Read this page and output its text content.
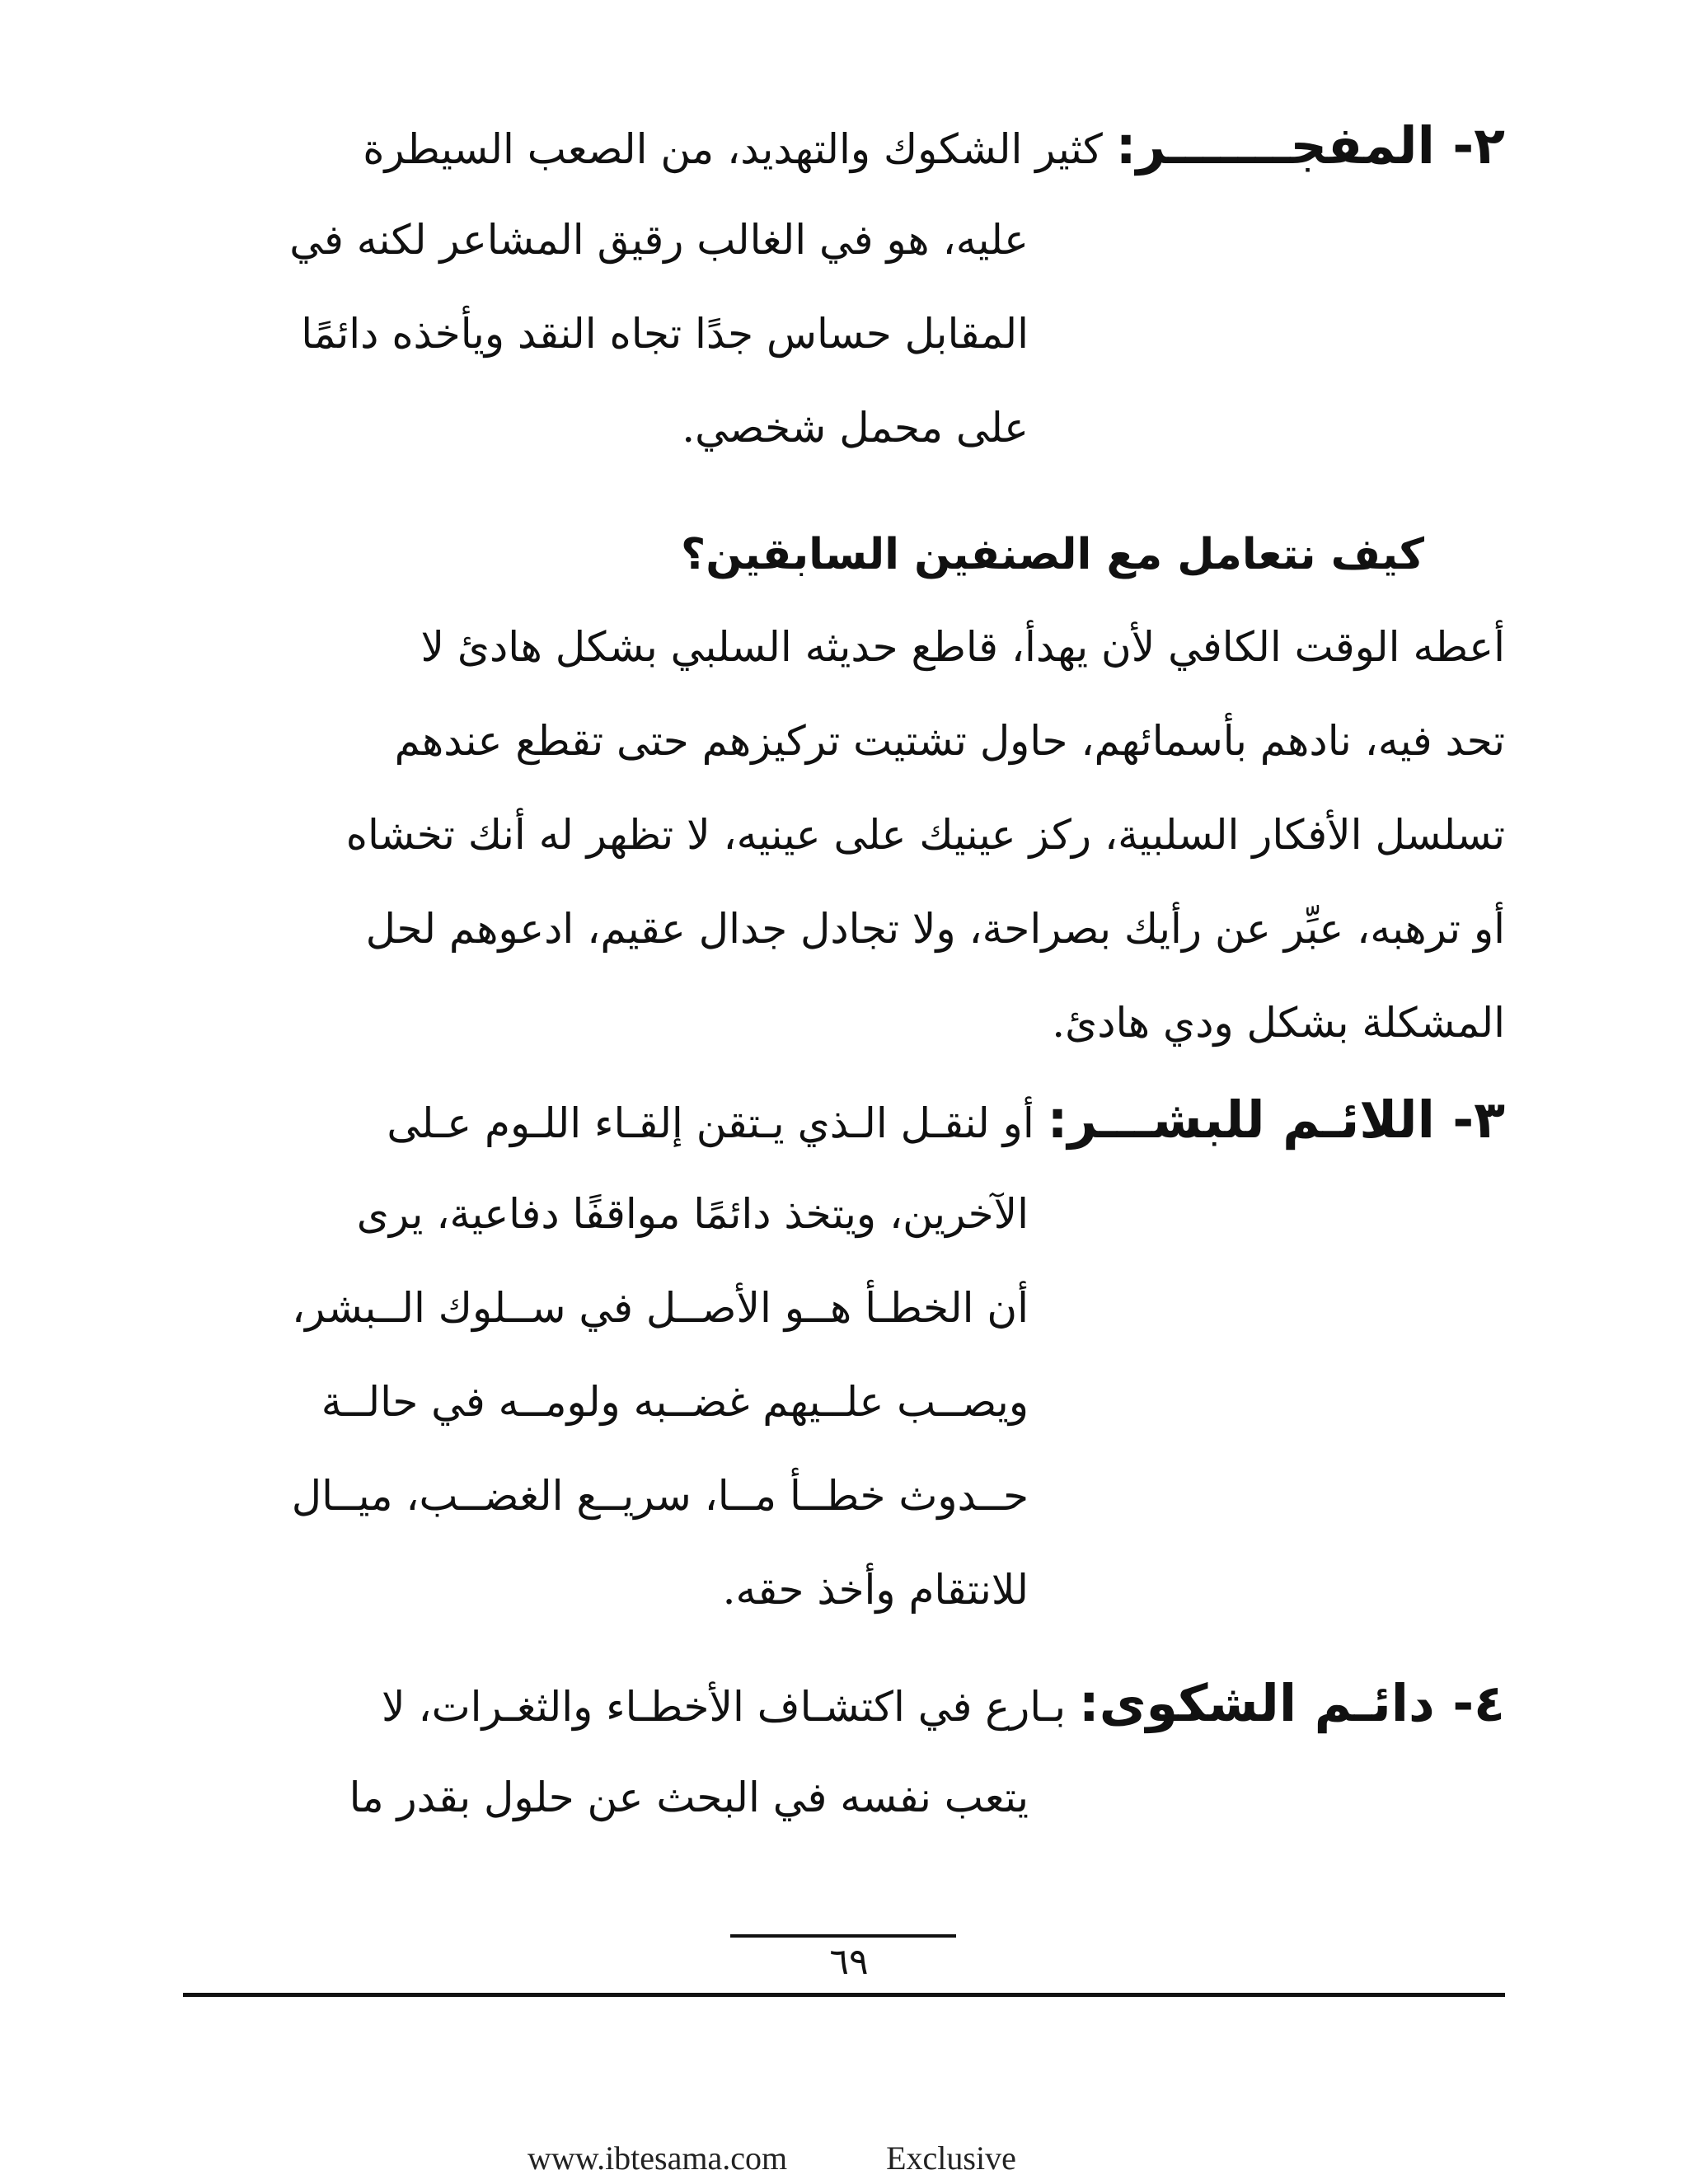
٢- المفجـــــــر: كثير الشكوك والتهديد، من الصعب السيطرة
عليه، هو في الغالب رقيق المشاعر لكنه في
المقابل حساس جدًا تجاه النقد ويأخذه دائمًا
على محمل شخصي.
كيف نتعامل مع الصنفين السابقين؟
أعطه الوقت الكافي لأن يهدأ، قاطع حديثه السلبي بشكل هادئ لا
تحد فيه، نادهم بأسمائهم، حاول تشتيت تركيزهم حتى تقطع عندهم
تسلسل الأفكار السلبية، ركز عينيك على عينيه، لا تظهر له أنك تخشاه
أو ترهبه، عبِّر عن رأيك بصراحة، ولا تجادل جدال عقيم، ادعوهم لحل
المشكلة بشكل ودي هادئ.
٣- اللائـم للبشـــر: أو لنقـل الـذي يـتقن إلقـاء اللـوم عـلى
الآخرين، ويتخذ دائمًا مواقفًا دفاعية، يرى
أن الخطـأ هــو الأصــل في ســلوك الــبشر،
ويصــب علــيهم غضــبه ولومــه في حالــة
حــدوث خطــأ مــا، سريــع الغضــب، ميــال
للانتقام وأخذ حقه.
٤- دائـم الشكوى: بـارع في اكتشـاف الأخطـاء والثغـرات، لا
يتعب نفسه في البحث عن حلول بقدر ما
٦٩
www.ibtesama.com	Exclusive
